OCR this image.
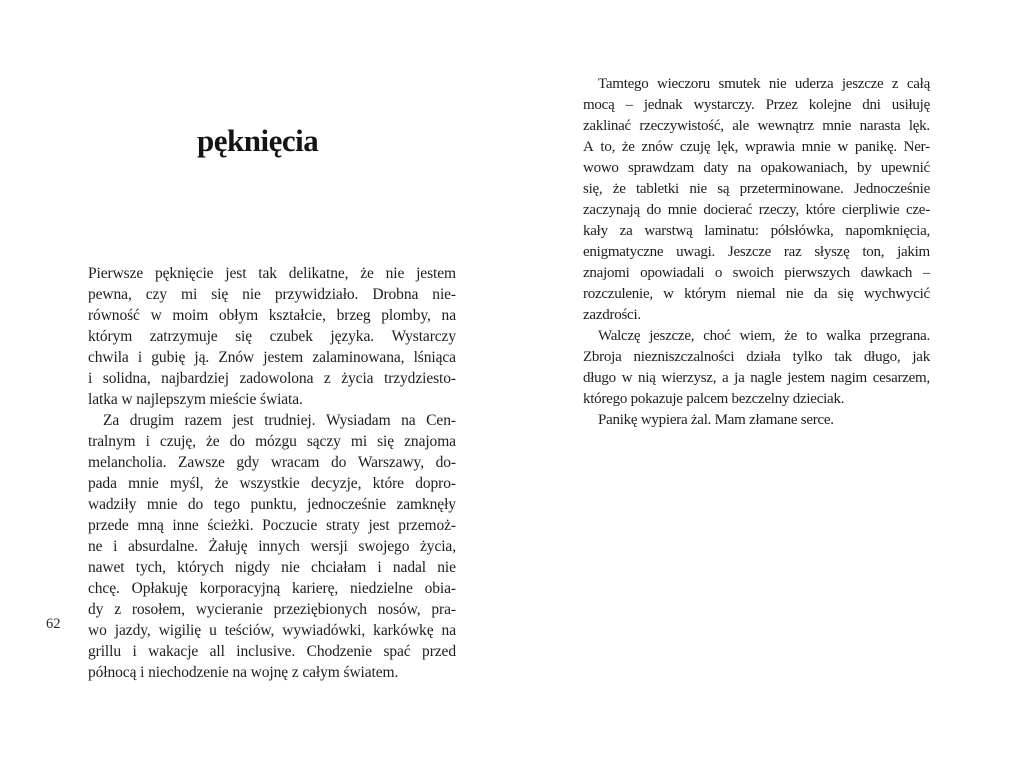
pęknięcia
62
Pierwsze pęknięcie jest tak delikatne, że nie jestem
pewna, czy mi się nie przywidziało. Drobna nie-
równość w moim obłym kształcie, brzeg plomby, na
którym zatrzymuje się czubek języka. Wystarczy
chwila i gubię ją. Znów jestem zalaminowana, lśniąca
i solidna, najbardziej zadowolona z życia trzydziesto-
latka w najlepszym mieście świata.
Za drugim razem jest trudniej. Wysiadam na Cen-
tralnym i czuję, że do mózgu sączy mi się znajoma
melancholia. Zawsze gdy wracam do Warszawy, do-
pada mnie myśl, że wszystkie decyzje, które dopro-
wadziły mnie do tego punktu, jednocześnie zamknęły
przede mną inne ścieżki. Poczucie straty jest przemoż-
ne i absurdalne. Żałuję innych wersji swojego życia,
nawet tych, których nigdy nie chciałam i nadal nie
chcę. Opłakuję korporacyjną karierę, niedzielne obia-
dy z rosołem, wycieranie przeziębionych nosów, pra-
wo jazdy, wigilię u teściów, wywiadówki, karkówkę na
grillu i wakacje all inclusive. Chodzenie spać przed
północą i niechodzenie na wojnę z całym światem.
Tamtego wieczoru smutek nie uderza jeszcze z całą
mocą – jednak wystarczy. Przez kolejne dni usiłuję
zaklinać rzeczywistość, ale wewnątrz mnie narasta lęk.
A to, że znów czuję lęk, wprawia mnie w panikę. Ner-
wowo sprawdzam daty na opakowaniach, by upewnić
się, że tabletki nie są przeterminowane. Jednocześnie
zaczynają do mnie docierać rzeczy, które cierpliwie cze-
kały za warstwą laminatu: półsłówka, napomknięcia,
enigmatyczne uwagi. Jeszcze raz słyszę ton, jakim
znajomi opowiadali o swoich pierwszych dawkach –
rozczulenie, w którym niemal nie da się wychwycić
zazdrości.
Walczę jeszcze, choć wiem, że to walka przegrana.
Zbroja niezniszczalności działa tylko tak długo, jak
długo w nią wierzysz, a ja nagle jestem nagim cesarzem,
którego pokazuje palcem bezczelny dzieciak.
Panikę wypiera żal. Mam złamane serce.
